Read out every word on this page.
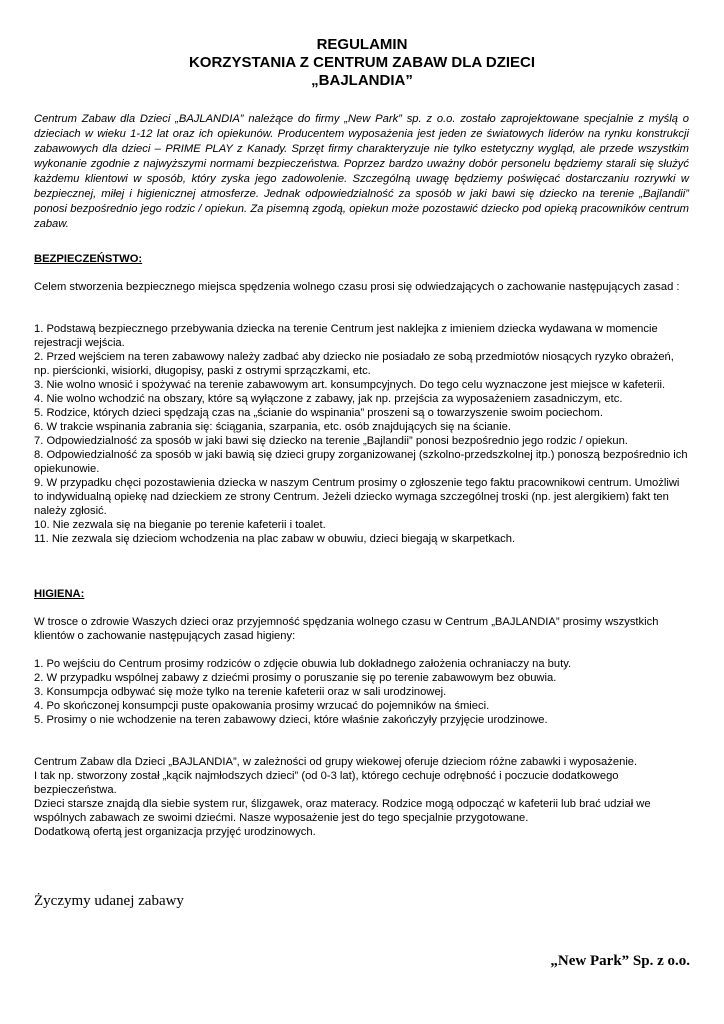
REGULAMIN
KORZYSTANIA Z CENTRUM ZABAW DLA DZIECI
„BAJLANDIA”

Centrum Zabaw dla Dzieci „BAJLANDIA” należące do firmy „New Park” sp. z o.o. zostało zaprojektowane specjalnie z myślą o dzieciach w wieku 1-12 lat oraz ich opiekunów. Producentem wyposażenia jest jeden ze światowych liderów na rynku konstrukcji zabawowych dla dzieci – PRIME PLAY z Kanady. Sprzęt firmy charakteryzuje nie tylko estetyczny wygląd, ale przede wszystkim wykonanie zgodnie z najwyższymi normami bezpieczeństwa. Poprzez bardzo uważny dobór personelu będziemy starali się służyć każdemu klientowi w sposób, który zyska jego zadowolenie. Szczególną uwagę będziemy poświęcać dostarczaniu rozrywki w bezpiecznej, miłej i higienicznej atmosferze. Jednak odpowiedzialność za sposób w jaki bawi się dziecko na terenie „Bajlandii” ponosi bezpośrednio jego rodzic / opiekun. Za pisemną zgodą, opiekun może pozostawić dziecko pod opieką pracowników centrum zabaw.

BEZPIECZEŃSTWO:

Celem stworzenia bezpiecznego miejsca spędzenia wolnego czasu prosi się odwiedzających o zachowanie następujących zasad :

1. Podstawą bezpiecznego przebywania dziecka na terenie Centrum jest naklejka z imieniem dziecka wydawana w momencie rejestracji wejścia.
2. Przed wejściem na teren zabawowy należy zadbać aby dziecko nie posiadało ze sobą przedmiotów niosących ryzyko obrażeń, np. pierścionki, wisiorki, długopisy, paski z ostrymi sprzączkami, etc.
3. Nie wolno wnosić i spożywać na terenie zabawowym art. konsumpcyjnych. Do tego celu wyznaczone jest miejsce w kafeterii.
4. Nie wolno wchodzić na obszary, które są wyłączone z zabawy, jak np. przejścia za wyposażeniem zasadniczym, etc.
5. Rodzice, których dzieci spędzają czas na „ścianie do wspinania” proszeni są o towarzyszenie swoim pociechom.
6. W trakcie wspinania zabrania się: ściągania, szarpania, etc. osób znajdujących się na ścianie.
7. Odpowiedzialność za sposób w jaki bawi się dziecko na terenie „Bajlandii” ponosi bezpośrednio jego rodzic / opiekun.
8. Odpowiedzialność za sposób w jaki bawią się dzieci grupy zorganizowanej (szkolno-przedszkolnej itp.) ponoszą bezpośrednio ich opiekunowie.
9. W przypadku chęci pozostawienia dziecka w naszym Centrum prosimy o zgłoszenie tego faktu pracownikowi centrum. Umożliwi to indywidualną opiekę nad dzieckiem ze strony Centrum. Jeżeli dziecko wymaga szczególnej troski (np. jest alergikiem) fakt ten należy zgłosić.
10. Nie zezwala się na bieganie po terenie kafeterii i toalet.
11. Nie zezwala się dzieciom wchodzenia na plac zabaw w obuwiu, dzieci biegają w skarpetkach.
HIGIENA:

W trosce o zdrowie Waszych dzieci oraz przyjemność spędzania wolnego czasu w Centrum „BAJLANDIA” prosimy wszystkich klientów o zachowanie następujących zasad higieny:

1. Po wejściu do Centrum prosimy rodziców o zdjęcie obuwia lub dokładnego założenia ochraniaczy na buty.
2. W przypadku wspólnej zabawy z dziećmi prosimy o poruszanie się po terenie zabawowym bez obuwia.
3. Konsumpcja odbywać się może tylko na terenie kafeterii oraz w sali urodzinowej.
4. Po skończonej konsumpcji puste opakowania prosimy wrzucać do pojemników na śmieci.
5. Prosimy o nie wchodzenie na teren zabawowy dzieci, które właśnie zakończyły przyjęcie urodzinowe.

Centrum Zabaw dla Dzieci „BAJLANDIA”, w zależności od grupy wiekowej oferuje dzieciom różne zabawki i wyposażenie.

I tak np. stworzony został „kącik najmłodszych dzieci” (od 0-3 lat), którego cechuje odrębność i poczucie dodatkowego bezpieczeństwa.

Dzieci starsze znajdą dla siebie system rur, ślizgawek, oraz materacy. Rodzice mogą odpocząć w kafeterii lub brać udział we wspólnych zabawach ze swoimi dziećmi. Nasze wyposażenie jest do tego specjalnie przygotowane.

Dodatkową ofertą jest organizacja przyjęć urodzinowych.

Życzymy udanej zabawy
„New Park” Sp. z o.o.
